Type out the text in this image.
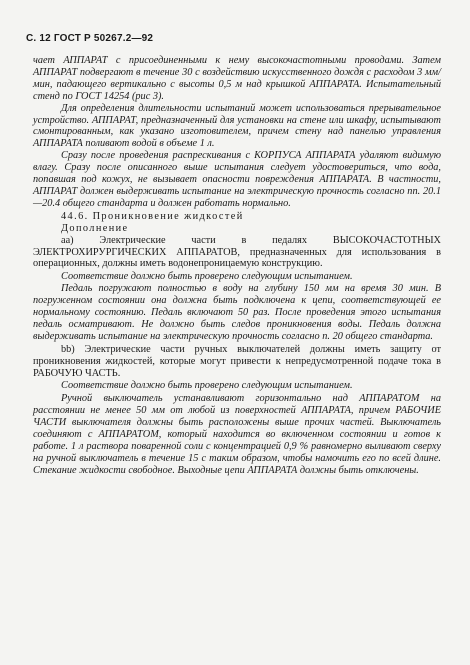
С. 12 ГОСТ Р 50267.2—92

чает АППАРАТ с присоединенными к нему высокочастотными проводами. Затем АППАРАТ подвергают в течение 30 с воздействию искусственного дождя с расходом 3 мм/мин, падающего вертикально с высоты 0,5 м над крышкой АППАРАТА. Испытательный стенд по ГОСТ 14254 (рис 3).

Для определения длительности испытаний может использоваться прерывательное устройство. АППАРАТ, предназначенный для установки на стене или шкафу, испытывают смонтированным, как указано изготовителем, причем стену над панелью управления АППАРАТА поливают водой в объеме 1 л.

Сразу после проведения распрескивания с КОРПУСА АППАРАТА удаляют видимую влагу. Сразу после описанного выше испытания следует удостовериться, что вода, попавшая под кожух, не вызывает опасности повреждения АППАРАТА. В частности, АППАРАТ должен выдерживать испытание на электрическую прочность согласно пп. 20.1—20.4 общего стандарта и должен работать нормально.

44.6. Проникновение жидкостей

Дополнение

aa) Электрические части в педалях ВЫСОКОЧАСТОТНЫХ ЭЛЕКТРОХИРУРГИЧЕСКИХ АППАРАТОВ, предназначенных для использования в операционных, должны иметь водонепроницаемую конструкцию.

Соответствие должно быть проверено следующим испытанием.

Педаль погружают полностью в воду на глубину 150 мм на время 30 мин. В погруженном состоянии она должна быть подключена к цепи, соответствующей ее нормальному состоянию. Педаль включают 50 раз. После проведения этого испытания педаль осматривают. Не должно быть следов проникновения воды. Педаль должна выдерживать испытание на электрическую прочность согласно п. 20 общего стандарта.

bb) Электрические части ручных выключателей должны иметь защиту от проникновения жидкостей, которые могут привести к непредусмотренной подаче тока в РАБОЧУЮ ЧАСТЬ.

Соответствие должно быть проверено следующим испытанием.

Ручной выключатель устанавливают горизонтально над АППАРАТОМ на расстоянии не менее 50 мм от любой из поверхностей АППАРАТА, причем РАБОЧИЕ ЧАСТИ выключателя должны быть расположены выше прочих частей. Выключатель соединяют с АППАРАТОМ, который находится во включенном состоянии и готов к работе. 1 л раствора поваренной соли с концентрацией 0,9 % равномерно выливают сверху на ручной выключатель в течение 15 с таким образом, чтобы намочить его по всей длине. Стекание жидкости свободное. Выходные цепи АППАРАТА должны быть отключены.
